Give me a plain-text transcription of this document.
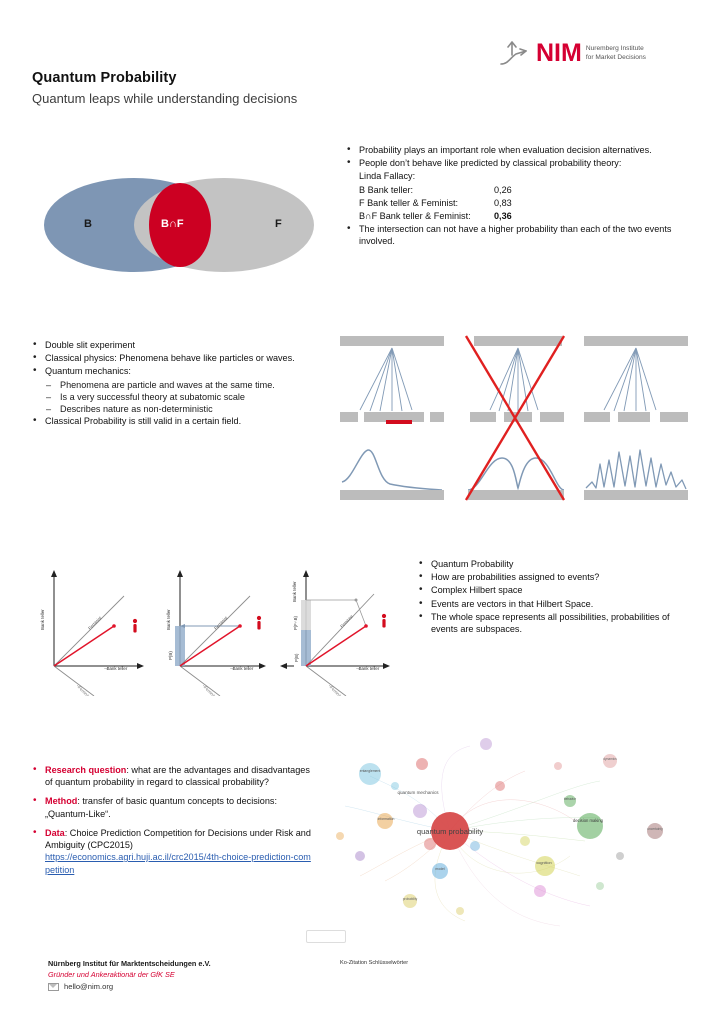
NIM Nuremberg Institute
for Market Decisions
Quantum Probability
Quantum leaps while understanding decisions
B	B∩F	F
• Probability plays an important role when evaluation decision alternatives.
• People don’t behave like predicted by classical probability theory:
Linda Fallacy:
B Bank teller:	0,26
F Bank teller & Feminist:	0,83
B∩F Bank teller & Feminist:	0,36
• The intersection can not have a higher probability than each of the two events involved.
• Double slit experiment
• Classical physics: Phenomena behave like particles or waves.
• Quantum mechanics:
– Phenomena are particle and waves at the same time.
– Is a very successful theory at subatomic scale
– Describes nature as non-deterministic
• Classical Probability is still valid in a certain field.
Bank teller
¬Bank teller
Feminist
¬Feminist
Bank teller
¬Bank teller
P(B)
Feminist
¬Feminist
Bank teller
¬Bank teller
P(F∩B)
P(B)
Feminist
¬Feminist
• Quantum Probability
• How are probabilities assigned to events?
• Complex Hilbert space
• Events are vectors in that Hilbert Space.
• The whole space represents all possibilities, probabilities of events are subspaces.
• Research question: what are the advantages and disadvantages of quantum probability in regard to classical probability?
• Method: transfer of basic quantum concepts to decisions: „Quantum-Like“.
• Data: Choice Prediction Competition for Decisions under Risk and Ambiguity (CPC2015) https://economics.agri.huji.ac.il/crc2015/4th-choice-prediction-competition
quantum probability
quantum mechanics
decision making
cognition
entanglement
information
model
dynamics
probability
behavior
uncertainty
Ko-Zitation Schlüsselwörter
Nürnberg Institut für Marktentscheidungen e.V.
Gründer und Ankeraktionär der GfK SE
hello@nim.org
